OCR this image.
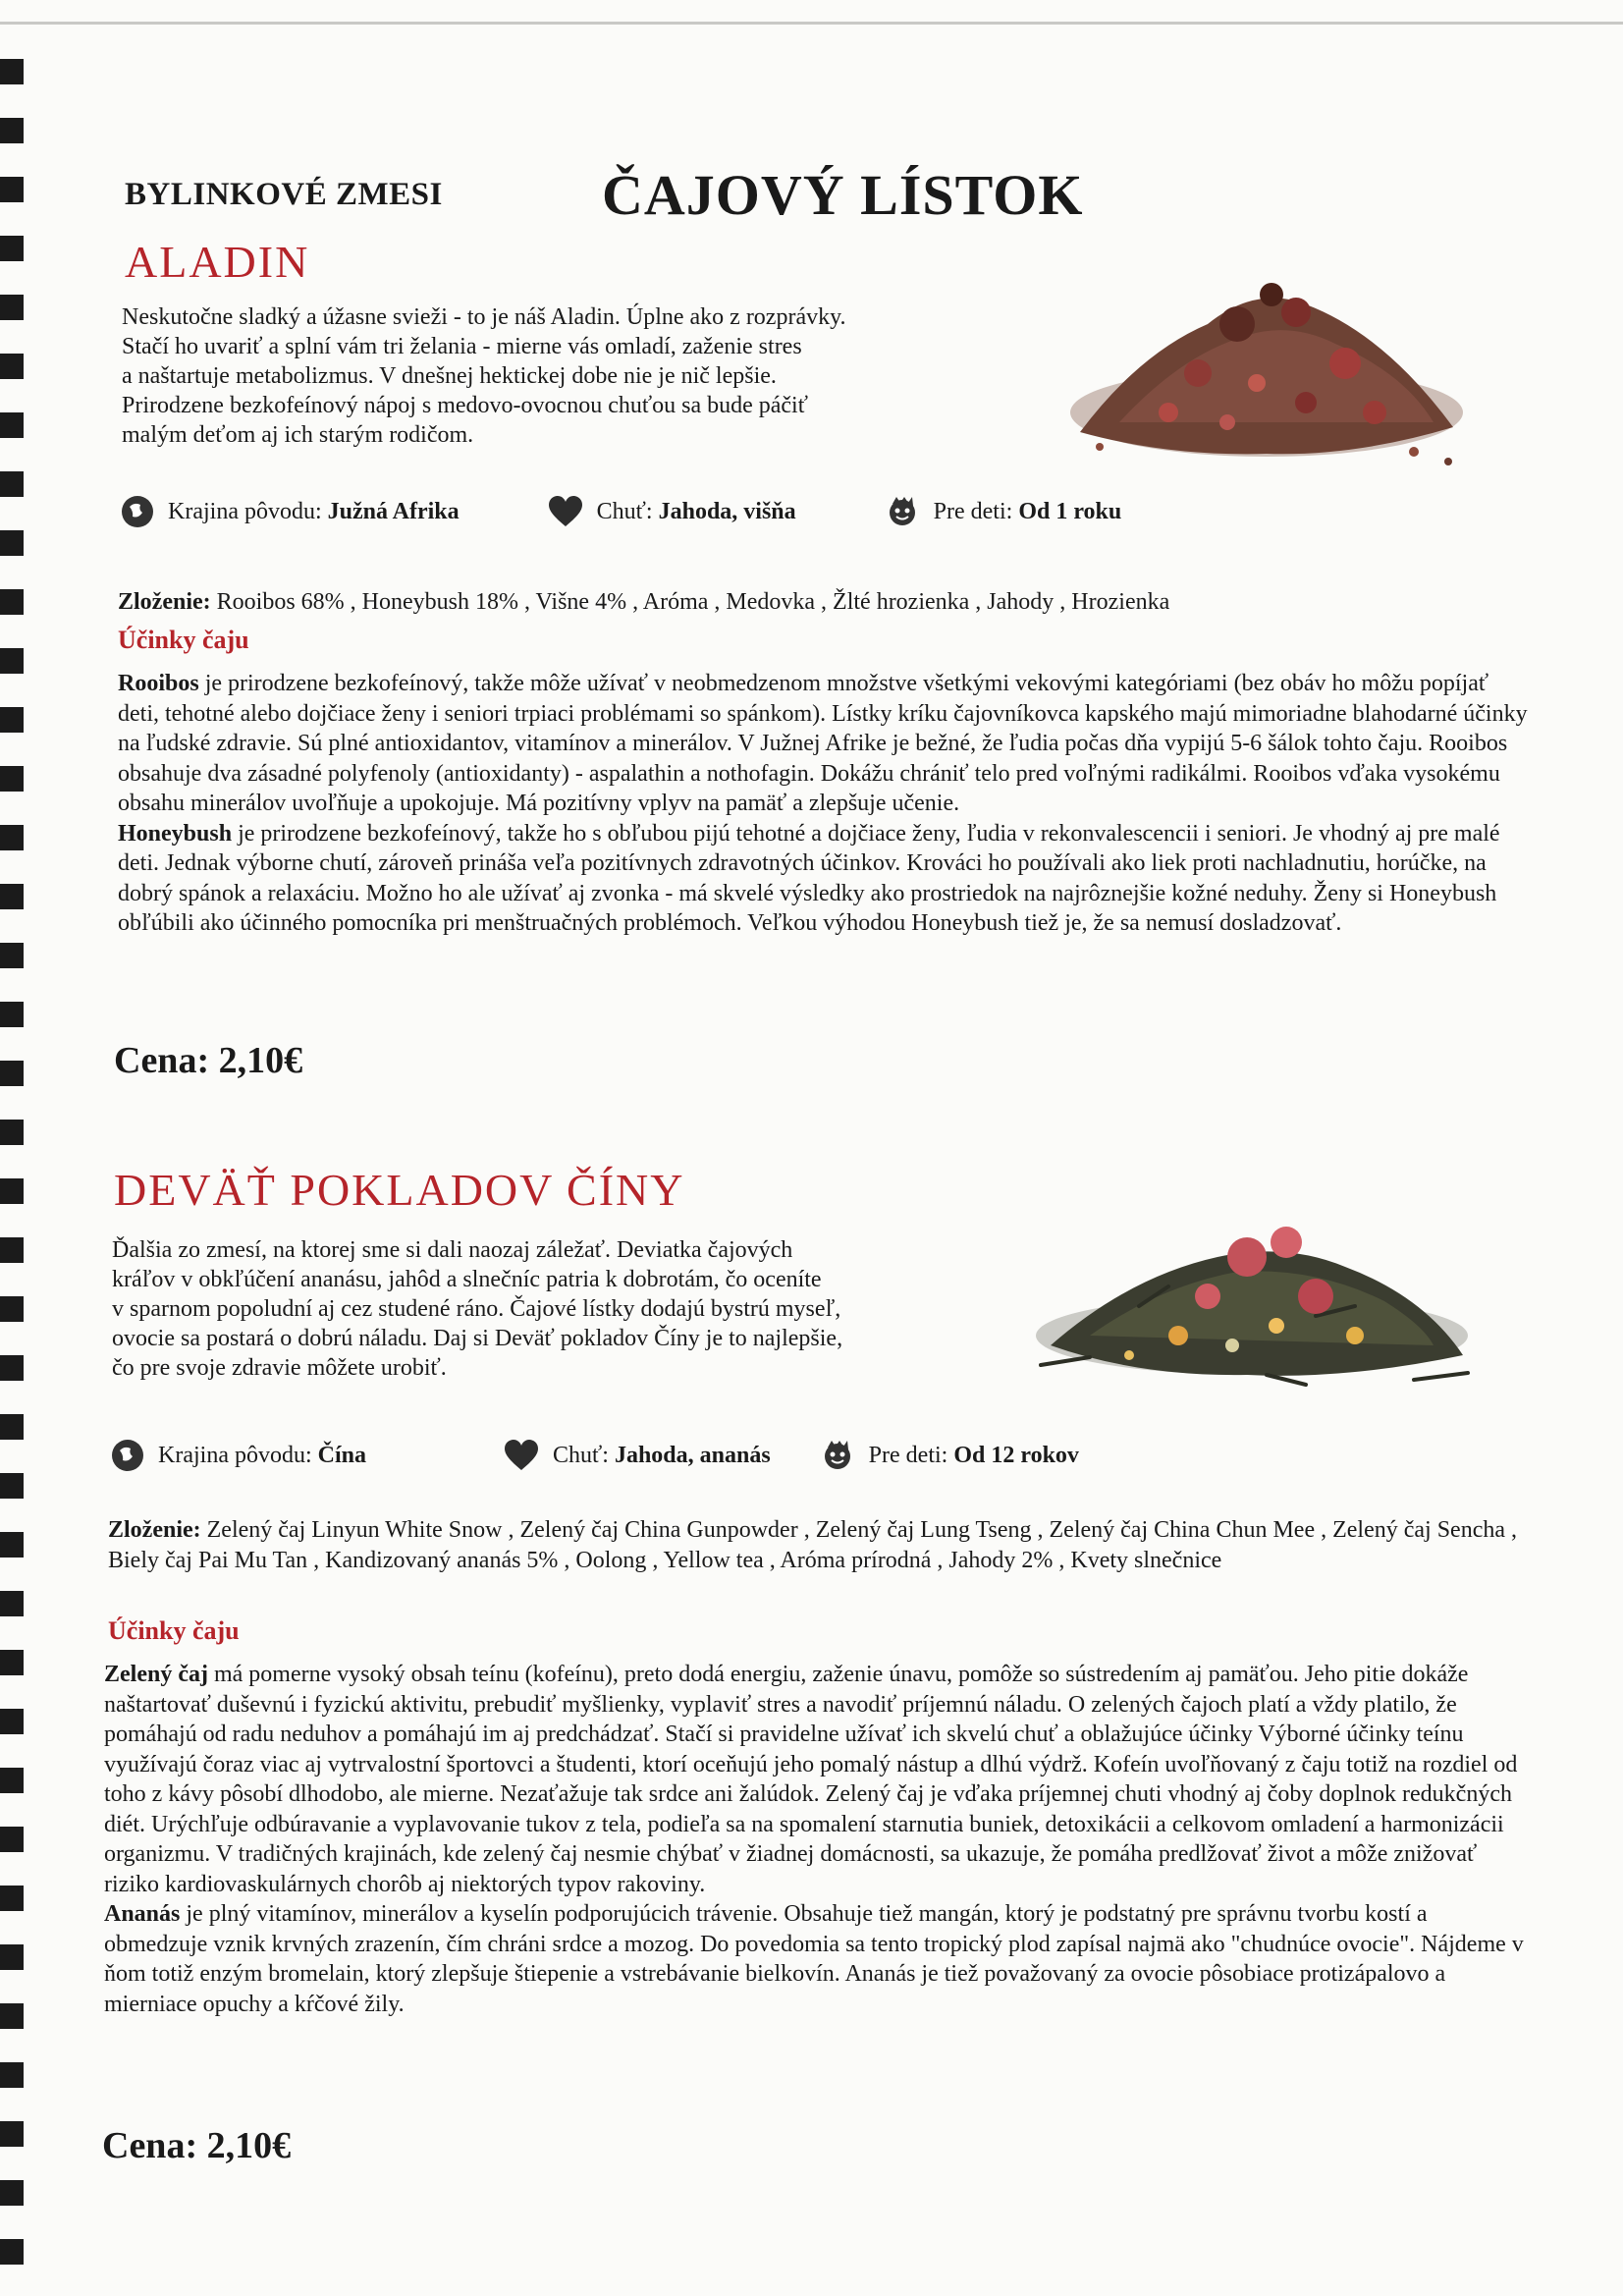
BYLINKOVÉ ZMESI	ČAJOVÝ LÍSTOK
ALADIN
Neskutočne sladký a úžasne svieži - to je náš Aladin. Úplne ako z rozprávky.
Stačí ho uvariť a splní vám tri želania - mierne vás omladí, zaženie stres
a naštartuje metabolizmus. V dnešnej hektickej dobe nie je nič lepšie.
Prirodzene bezkofeínový nápoj s medovo-ovocnou chuťou sa bude páčiť
malým deťom aj ich starým rodičom.
Krajina pôvodu: Južná Afrika	Chuť: Jahoda, višňa	Pre deti: Od 1 roku
Zloženie: Rooibos 68% , Honeybush 18% , Višne 4% , Aróma , Medovka , Žlté hrozienka , Jahody , Hrozienka
Účinky čaju

Rooibos je prirodzene bezkofeínový, takže môže užívať v neobmedzenom množstve všetkými vekovými kategóriami (bez obáv ho môžu popíjať deti, tehotné alebo dojčiace ženy i seniori trpiaci problémami so spánkom). Lístky kríku čajovníkovca kapského majú mimoriadne blahodarné účinky na ľudské zdravie. Sú plné antioxidantov, vitamínov a minerálov. V Južnej Afrike je bežné, že ľudia počas dňa vypijú 5-6 šálok tohto čaju. Rooibos obsahuje dva zásadné polyfenoly (antioxidanty) - aspalathin a nothofagin. Dokážu chrániť telo pred voľnými radikálmi. Rooibos vďaka vysokému obsahu minerálov uvoľňuje a upokojuje. Má pozitívny vplyv na pamäť a zlepšuje učenie.

Honeybush je prirodzene bezkofeínový, takže ho s obľubou pijú tehotné a dojčiace ženy, ľudia v rekonvalescencii i seniori. Je vhodný aj pre malé deti. Jednak výborne chutí, zároveň prináša veľa pozitívnych zdravotných účinkov. Krováci ho používali ako liek proti nachladnutiu, horúčke, na dobrý spánok a relaxáciu. Možno ho ale užívať aj zvonka - má skvelé výsledky ako prostriedok na najrôznejšie kožné neduhy. Ženy si Honeybush obľúbili ako účinného pomocníka pri menštruačných problémoch. Veľkou výhodou Honeybush tiež je, že sa nemusí dosladzovať.

Cena: 2,10€
DEVÄŤ POKLADOV ČÍNY
Ďalšia zo zmesí, na ktorej sme si dali naozaj záležať. Deviatka čajových
kráľov v obkľúčení ananásu, jahôd a slnečníc patria k dobrotám, čo oceníte
v sparnom popoludní aj cez studené ráno. Čajové lístky dodajú bystrú myseľ,
ovocie sa postará o dobrú náladu. Daj si Deväť pokladov Číny je to najlepšie,
čo pre svoje zdravie môžete urobiť.
Krajina pôvodu: Čína	Chuť: Jahoda, ananás	Pre deti: Od 12 rokov
Zloženie: Zelený čaj Linyun White Snow , Zelený čaj China Gunpowder , Zelený čaj Lung Tseng , Zelený čaj China Chun Mee , Zelený čaj Sencha , Biely čaj Pai Mu Tan , Kandizovaný ananás 5% , Oolong , Yellow tea , Aróma prírodná , Jahody 2% , Kvety slnečnice
Účinky čaju

Zelený čaj má pomerne vysoký obsah teínu (kofeínu), preto dodá energiu, zaženie únavu, pomôže so sústredením aj pamäťou. Jeho pitie dokáže naštartovať duševnú i fyzickú aktivitu, prebudiť myšlienky, vyplaviť stres a navodiť príjemnú náladu. O zelených čajoch platí a vždy platilo, že pomáhajú od radu neduhov a pomáhajú im aj predchádzať. Stačí si pravidelne užívať ich skvelú chuť a oblažujúce účinky Výborné účinky teínu využívajú čoraz viac aj vytrvalostní športovci a študenti, ktorí oceňujú jeho pomalý nástup a dlhú výdrž. Kofeín uvoľňovaný z čaju totiž na rozdiel od toho z kávy pôsobí dlhodobo, ale mierne. Nezaťažuje tak srdce ani žalúdok. Zelený čaj je vďaka príjemnej chuti vhodný aj čoby doplnok redukčných diét. Urýchľuje odbúravanie a vyplavovanie tukov z tela, podieľa sa na spomalení starnutia buniek, detoxikácii a celkovom omladení a harmonizácii organizmu. V tradičných krajinách, kde zelený čaj nesmie chýbať v žiadnej domácnosti, sa ukazuje, že pomáha predlžovať život a môže znižovať riziko kardiovaskulárnych chorôb aj niektorých typov rakoviny.

Ananás je plný vitamínov, minerálov a kyselín podporujúcich trávenie. Obsahuje tiež mangán, ktorý je podstatný pre správnu tvorbu kostí a obmedzuje vznik krvných zrazenín, čím chráni srdce a mozog. Do povedomia sa tento tropický plod zapísal najmä ako "chudnúce ovocie". Nájdeme v ňom totiž enzým bromelain, ktorý zlepšuje štiepenie a vstrebávanie bielkovín. Ananás je tiež považovaný za ovocie pôsobiace protizápalovo a mierniace opuchy a kŕčové žily.

Cena: 2,10€
